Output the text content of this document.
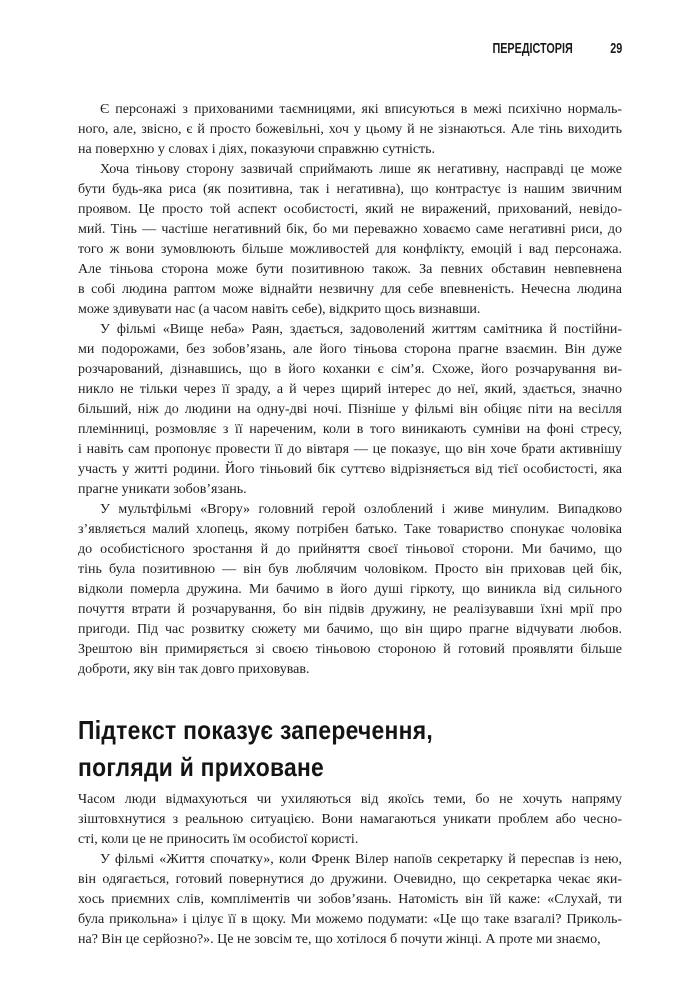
ПЕРЕДІСТОРІЯ 29
Є персонажі з прихованими таємницями, які вписуються в межі психічно нормаль-
ного, але, звісно, є й просто божевільні, хоч у цьому й не зізнаються. Але тінь виходить
на поверхню у словах і діях, показуючи справжню сутність.
Хоча тіньову сторону зазвичай сприймають лише як негативну, насправді це може
бути будь-яка риса (як позитивна, так і негативна), що контрастує із нашим звичним
проявом. Це просто той аспект особистості, який не виражений, прихований, невідо-
мий. Тінь — частіше негативний бік, бо ми переважно ховаємо саме негативні риси, до
того ж вони зумовлюють більше можливостей для конфлікту, емоцій і вад персонажа.
Але тіньова сторона може бути позитивною також. За певних обставин невпевнена
в собі людина раптом може віднайти незвичну для себе впевненість. Нечесна людина
може здивувати нас (а часом навіть себе), відкрито щось визнавши.
У фільмі «Вище неба» Раян, здається, задоволений життям самітника й постійни-
ми подорожами, без зобов’язань, але його тіньова сторона прагне взаємин. Він дуже
розчарований, дізнавшись, що в його коханки є сім’я. Схоже, його розчарування ви-
никло не тільки через її зраду, а й через щирий інтерес до неї, який, здається, значно
більший, ніж до людини на одну-дві ночі. Пізніше у фільмі він обіцяє піти на весілля
племінниці, розмовляє з її нареченим, коли в того виникають сумніви на фоні стресу,
і навіть сам пропонує провести її до вівтаря — це показує, що він хоче брати активнішу
участь у житті родини. Його тіньовий бік суттєво відрізняється від тієї особистості, яка
прагне уникати зобов’язань.
У мультфільмі «Вгору» головний герой озлоблений і живе минулим. Випадково
з’являється малий хлопець, якому потрібен батько. Таке товариство спонукає чоловіка
до особистісного зростання й до прийняття своєї тіньової сторони. Ми бачимо, що
тінь була позитивною — він був люблячим чоловіком. Просто він приховав цей бік,
відколи померла дружина. Ми бачимо в його душі гіркоту, що виникла від сильного
почуття втрати й розчарування, бо він підвів дружину, не реалізувавши їхні мрії про
пригоди. Під час розвитку сюжету ми бачимо, що він щиро прагне відчувати любов.
Зрештою він примиряється зі своєю тіньовою стороною й готовий проявляти більше
доброти, яку він так довго приховував.
Підтекст показує заперечення,
погляди й приховане
Часом люди відмахуються чи ухиляються від якоїсь теми, бо не хочуть напряму
зіштовхнутися з реальною ситуацією. Вони намагаються уникати проблем або чесно-
сті, коли це не приносить їм особистої користі.
У фільмі «Життя спочатку», коли Френк Вілер напоїв секретарку й переспав із нею,
він одягається, готовий повернутися до дружини. Очевидно, що секретарка чекає яки-
хось приємних слів, компліментів чи зобов’язань. Натомість він їй каже: «Слухай, ти
була прикольна» і цілує її в щоку. Ми можемо подумати: «Це що таке взагалі? Приколь-
на? Він це серйозно?». Це не зовсім те, що хотілося б почути жінці. А проте ми знаємо,
